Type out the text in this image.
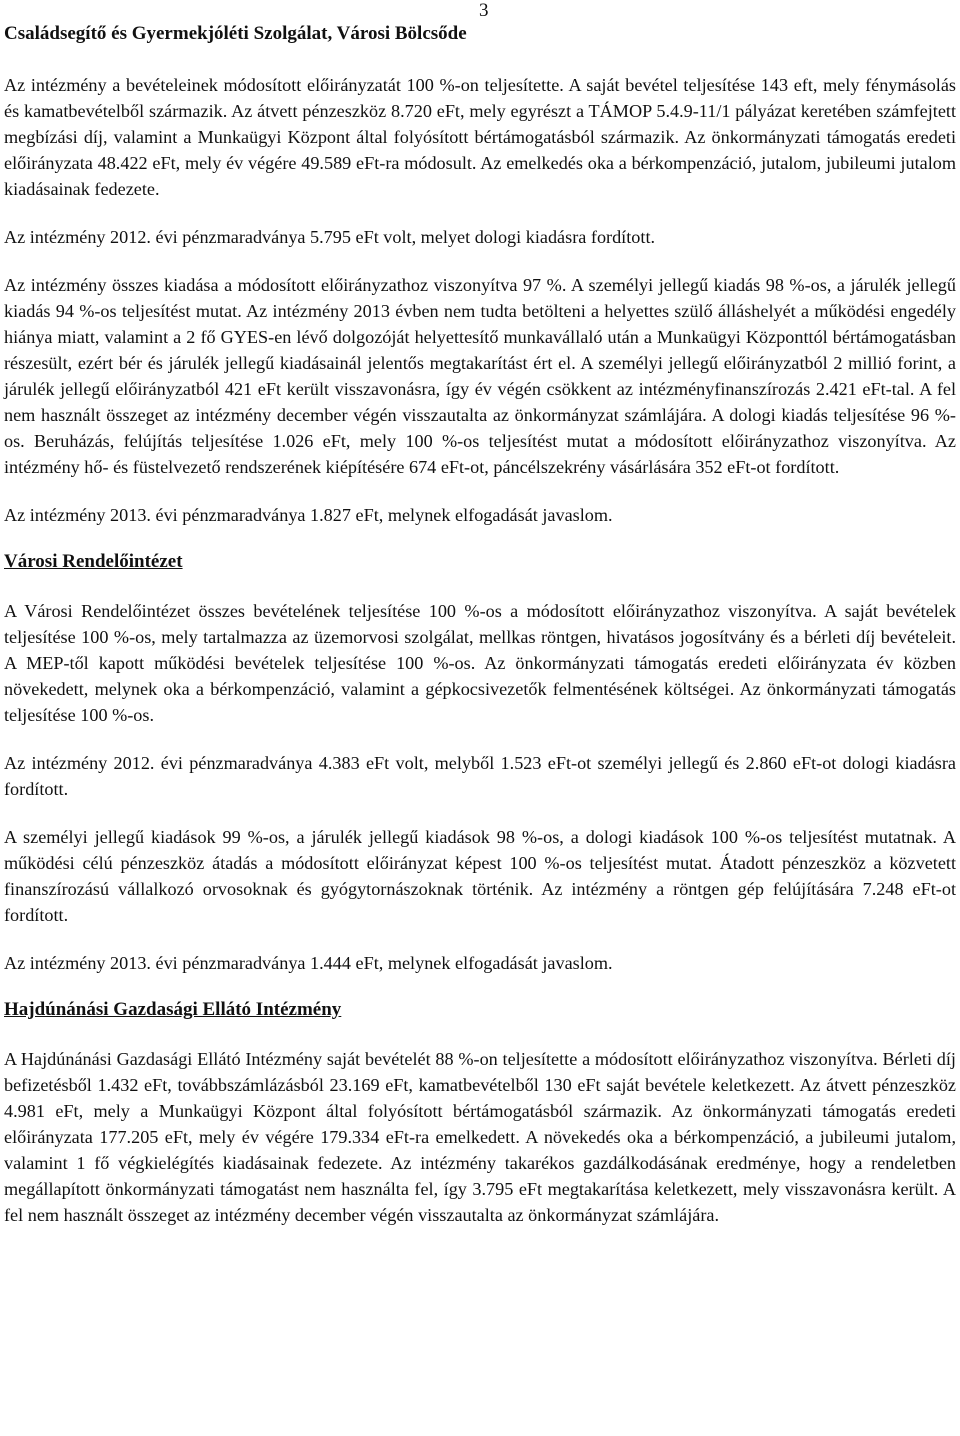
3
Családsegítő és Gyermekjóléti Szolgálat, Városi Bölcsőde

Az intézmény a bevételeinek módosított előirányzatát 100 %-on teljesítette. A saját bevétel teljesítése 143 eft, mely fénymásolás és kamatbevételből származik. Az átvett pénzeszköz 8.720 eFt, mely egyrészt a TÁMOP 5.4.9-11/1 pályázat keretében számfejtett megbízási díj, valamint a Munkaügyi Központ által folyósított bértámogatásból származik. Az önkormányzati támogatás eredeti előirányzata 48.422 eFt, mely év végére 49.589 eFt-ra módosult. Az emelkedés oka a bérkompenzáció, jutalom, jubileumi jutalom kiadásainak fedezete.

Az intézmény 2012. évi pénzmaradványa 5.795 eFt volt, melyet dologi kiadásra fordított.

Az intézmény összes kiadása a módosított előirányzathoz viszonyítva 97 %. A személyi jellegű kiadás 98 %-os, a járulék jellegű kiadás 94 %-os teljesítést mutat. Az intézmény 2013 évben nem tudta betölteni a helyettes szülő álláshelyét a működési engedély hiánya miatt, valamint a 2 fő GYES-en lévő dolgozóját helyettesítő munkavállaló után a Munkaügyi Központtól bértámogatásban részesült, ezért bér és járulék jellegű kiadásainál jelentős megtakarítást ért el. A személyi jellegű előirányzatból 2 millió forint, a járulék jellegű előirányzatból 421 eFt került visszavonásra, így év végén csökkent az intézményfinanszírozás 2.421 eFt-tal. A fel nem használt összeget az intézmény december végén visszautalta az önkormányzat számlájára. A dologi kiadás teljesítése 96 %-os. Beruházás, felújítás teljesítése 1.026 eFt, mely 100 %-os teljesítést mutat a módosított előirányzathoz viszonyítva. Az intézmény hő- és füstelvezető rendszerének kiépítésére 674 eFt-ot, páncélszekrény vásárlására 352 eFt-ot fordított.

Az intézmény 2013. évi pénzmaradványa 1.827 eFt, melynek elfogadását javaslom.

Városi Rendelőintézet

A Városi Rendelőintézet összes bevételének teljesítése 100 %-os a módosított előirányzathoz viszonyítva. A saját bevételek teljesítése 100 %-os, mely tartalmazza az üzemorvosi szolgálat, mellkas röntgen, hivatásos jogosítvány és a bérleti díj bevételeit. A MEP-től kapott működési bevételek teljesítése 100 %-os. Az önkormányzati támogatás eredeti előirányzata év közben növekedett, melynek oka a bérkompenzáció, valamint a gépkocsivezetők felmentésének költségei. Az önkormányzati támogatás teljesítése 100 %-os.

Az intézmény 2012. évi pénzmaradványa 4.383 eFt volt, melyből 1.523 eFt-ot személyi jellegű és 2.860 eFt-ot dologi kiadásra fordított.

A személyi jellegű kiadások 99 %-os, a járulék jellegű kiadások 98 %-os, a dologi kiadások 100 %-os teljesítést mutatnak. A működési célú pénzeszköz átadás a módosított előirányzat képest 100 %-os teljesítést mutat. Átadott pénzeszköz a közvetett finanszírozású vállalkozó orvosoknak és gyógytornászoknak történik. Az intézmény a röntgen gép felújítására 7.248 eFt-ot fordított.

Az intézmény 2013. évi pénzmaradványa 1.444 eFt, melynek elfogadását javaslom.

Hajdúnánási Gazdasági Ellátó Intézmény

A Hajdúnánási Gazdasági Ellátó Intézmény saját bevételét 88 %-on teljesítette a módosított előirányzathoz viszonyítva. Bérleti díj befizetésből 1.432 eFt, továbbszámlázásból 23.169 eFt, kamatbevételből 130 eFt saját bevétele keletkezett. Az átvett pénzeszköz 4.981 eFt, mely a Munkaügyi Központ által folyósított bértámogatásból származik. Az önkormányzati támogatás eredeti előirányzata 177.205 eFt, mely év végére 179.334 eFt-ra emelkedett. A növekedés oka a bérkompenzáció, a jubileumi jutalom, valamint 1 fő végkielégítés kiadásainak fedezete. Az intézmény takarékos gazdálkodásának eredménye, hogy a rendeletben megállapított önkormányzati támogatást nem használta fel, így 3.795 eFt megtakarítása keletkezett, mely visszavonásra került. A fel nem használt összeget az intézmény december végén visszautalta az önkormányzat számlájára.
